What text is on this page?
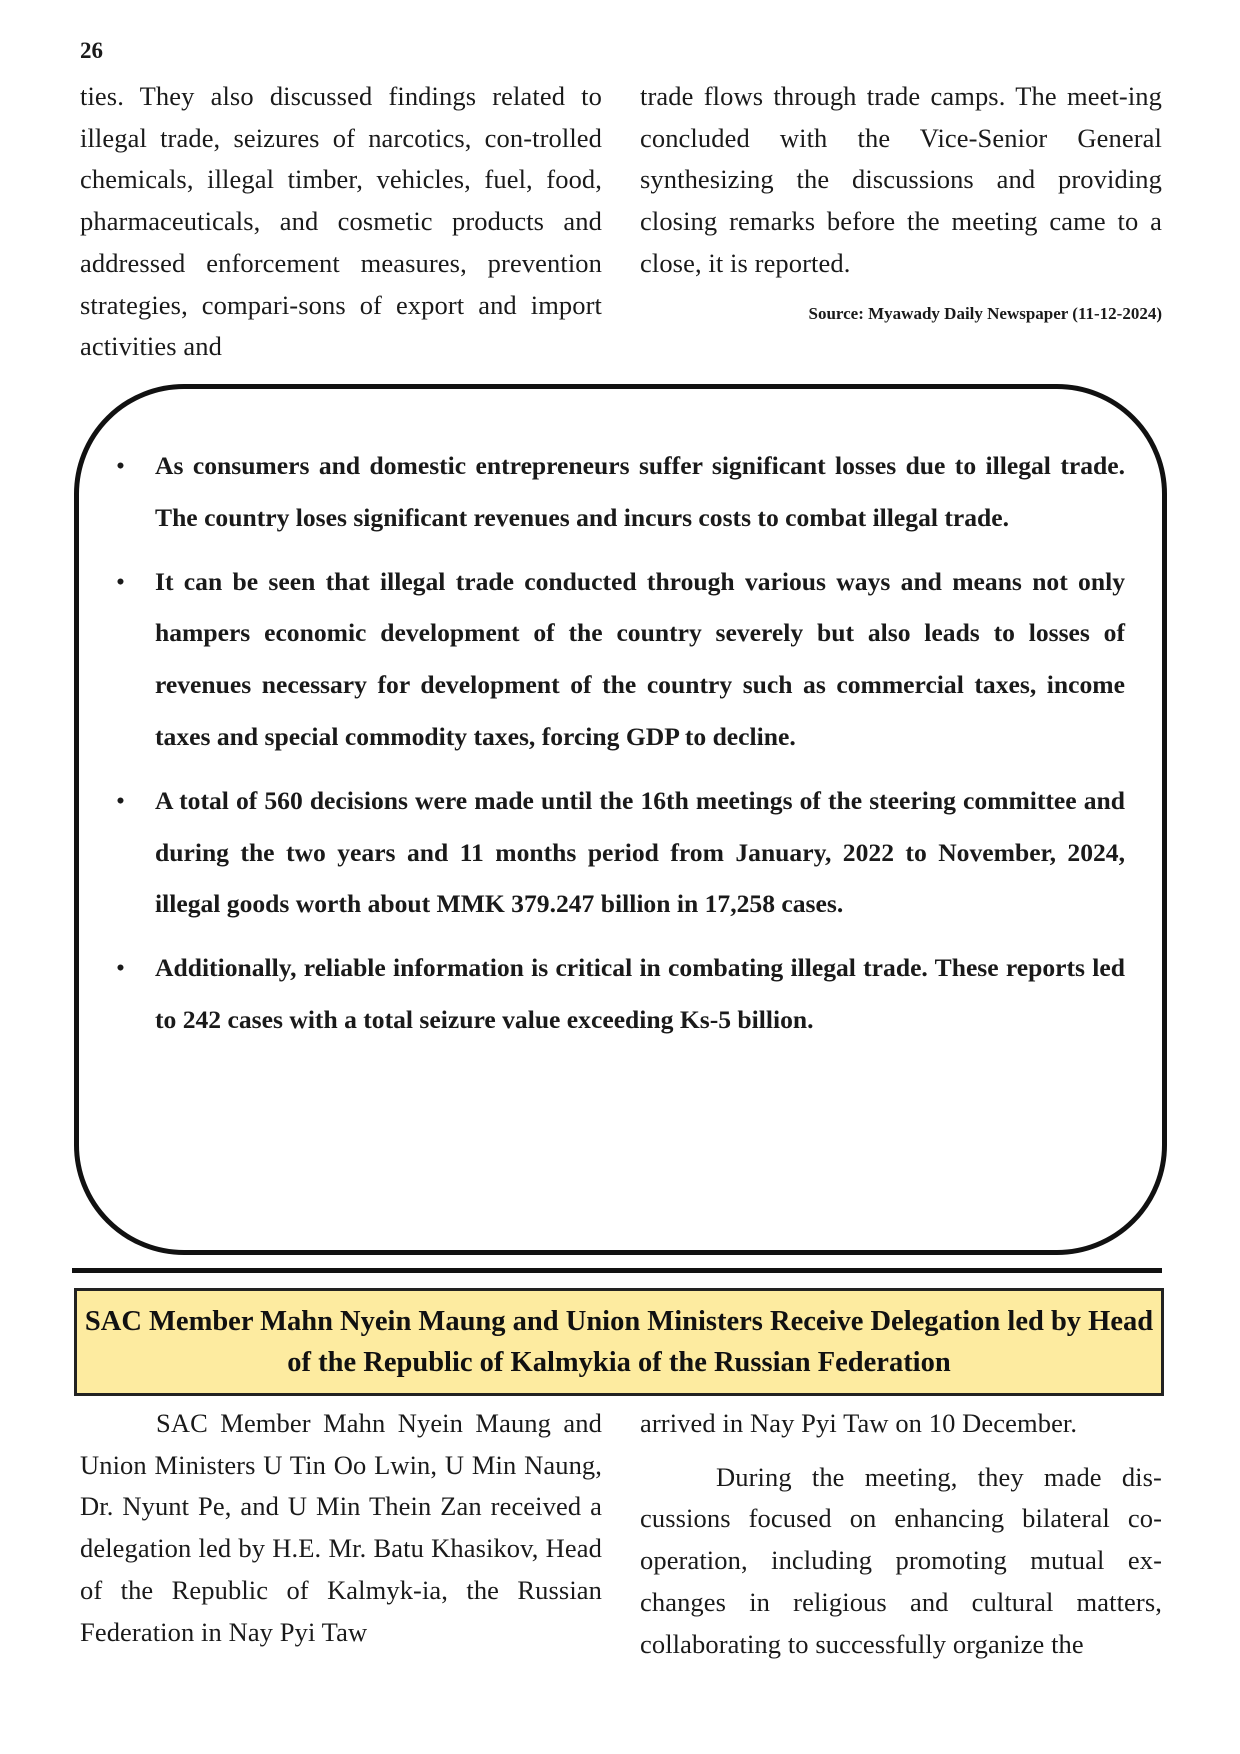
26

ties. They also discussed findings related to illegal trade, seizures of narcotics, con-trolled chemicals, illegal timber, vehicles, fuel, food, pharmaceuticals, and cosmetic products and addressed enforcement measures, prevention strategies, compari-sons of export and import activities and

trade flows through trade camps. The meet-ing concluded with the Vice-Senior General synthesizing the discussions and providing closing remarks before the meeting came to a close, it is reported.

Source: Myawady Daily Newspaper (11-12-2024)
• As consumers and domestic entrepreneurs suffer significant losses due to illegal trade. The country loses significant revenues and incurs costs to combat illegal trade.
• It can be seen that illegal trade conducted through various ways and means not only hampers economic development of the country severely but also leads to losses of revenues necessary for development of the country such as commercial taxes, income taxes and special commodity taxes, forcing GDP to decline.
• A total of 560 decisions were made until the 16th meetings of the steering committee and during the two years and 11 months period from January, 2022 to November, 2024, illegal goods worth about MMK 379.247 billion in 17,258 cases.
• Additionally, reliable information is critical in combating illegal trade. These reports led to 242 cases with a total seizure value exceeding Ks-5 billion.
SAC Member Mahn Nyein Maung and Union Ministers Receive Delegation led by Head of the Republic of Kalmykia of the Russian Federation

SAC Member Mahn Nyein Maung and Union Ministers U Tin Oo Lwin, U Min Naung, Dr. Nyunt Pe, and U Min Thein Zan received a delegation led by H.E. Mr. Batu Khasikov, Head of the Republic of Kalmyk-ia, the Russian Federation in Nay Pyi Taw

arrived in Nay Pyi Taw on 10 December.

During the meeting, they made dis-cussions focused on enhancing bilateral co-operation, including promoting mutual ex-changes in religious and cultural matters, collaborating to successfully organize the
